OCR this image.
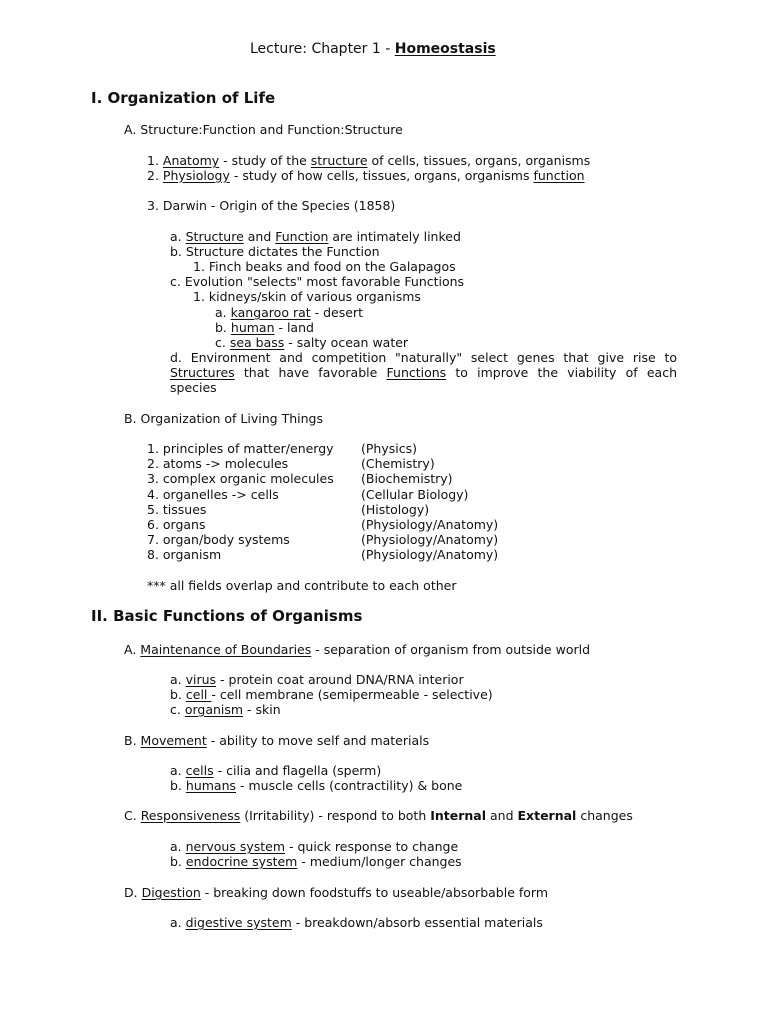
Lecture: Chapter 1 - Homeostasis
I. Organization of Life
A. Structure:Function and Function:Structure
1. Anatomy - study of the structure of cells, tissues, organs, organisms
2. Physiology - study of how cells, tissues, organs, organisms function
3. Darwin - Origin of the Species (1858)
a. Structure and Function are intimately linked
b. Structure dictates the Function
1. Finch beaks and food on the Galapagos
c. Evolution "selects" most favorable Functions
1. kidneys/skin of various organisms
a. kangaroo rat - desert
b. human - land
c. sea bass - salty ocean water
d. Environment and competition "naturally" select genes that give rise to
Structures that have favorable Functions to improve the viability of each
species
B. Organization of Living Things
1. principles of matter/energy (Physics)
2. atoms -> molecules	(Chemistry)
3. complex organic molecules (Biochemistry)
4. organelles -> cells	(Cellular Biology)
5. tissues	(Histology)
6. organs	(Physiology/Anatomy)
7. organ/body systems	(Physiology/Anatomy)
8. organism	(Physiology/Anatomy)
*** all fields overlap and contribute to each other
II. Basic Functions of Organisms
A. Maintenance of Boundaries - separation of organism from outside world
a. virus - protein coat around DNA/RNA interior
b. cell - cell membrane (semipermeable - selective)
c. organism - skin
B. Movement - ability to move self and materials
a. cells - cilia and flagella (sperm)
b. humans - muscle cells (contractility) & bone
C. Responsiveness (Irritability) - respond to both Internal and External changes
a. nervous system - quick response to change
b. endocrine system - medium/longer changes
D. Digestion - breaking down foodstuffs to useable/absorbable form
a. digestive system - breakdown/absorb essential materials
